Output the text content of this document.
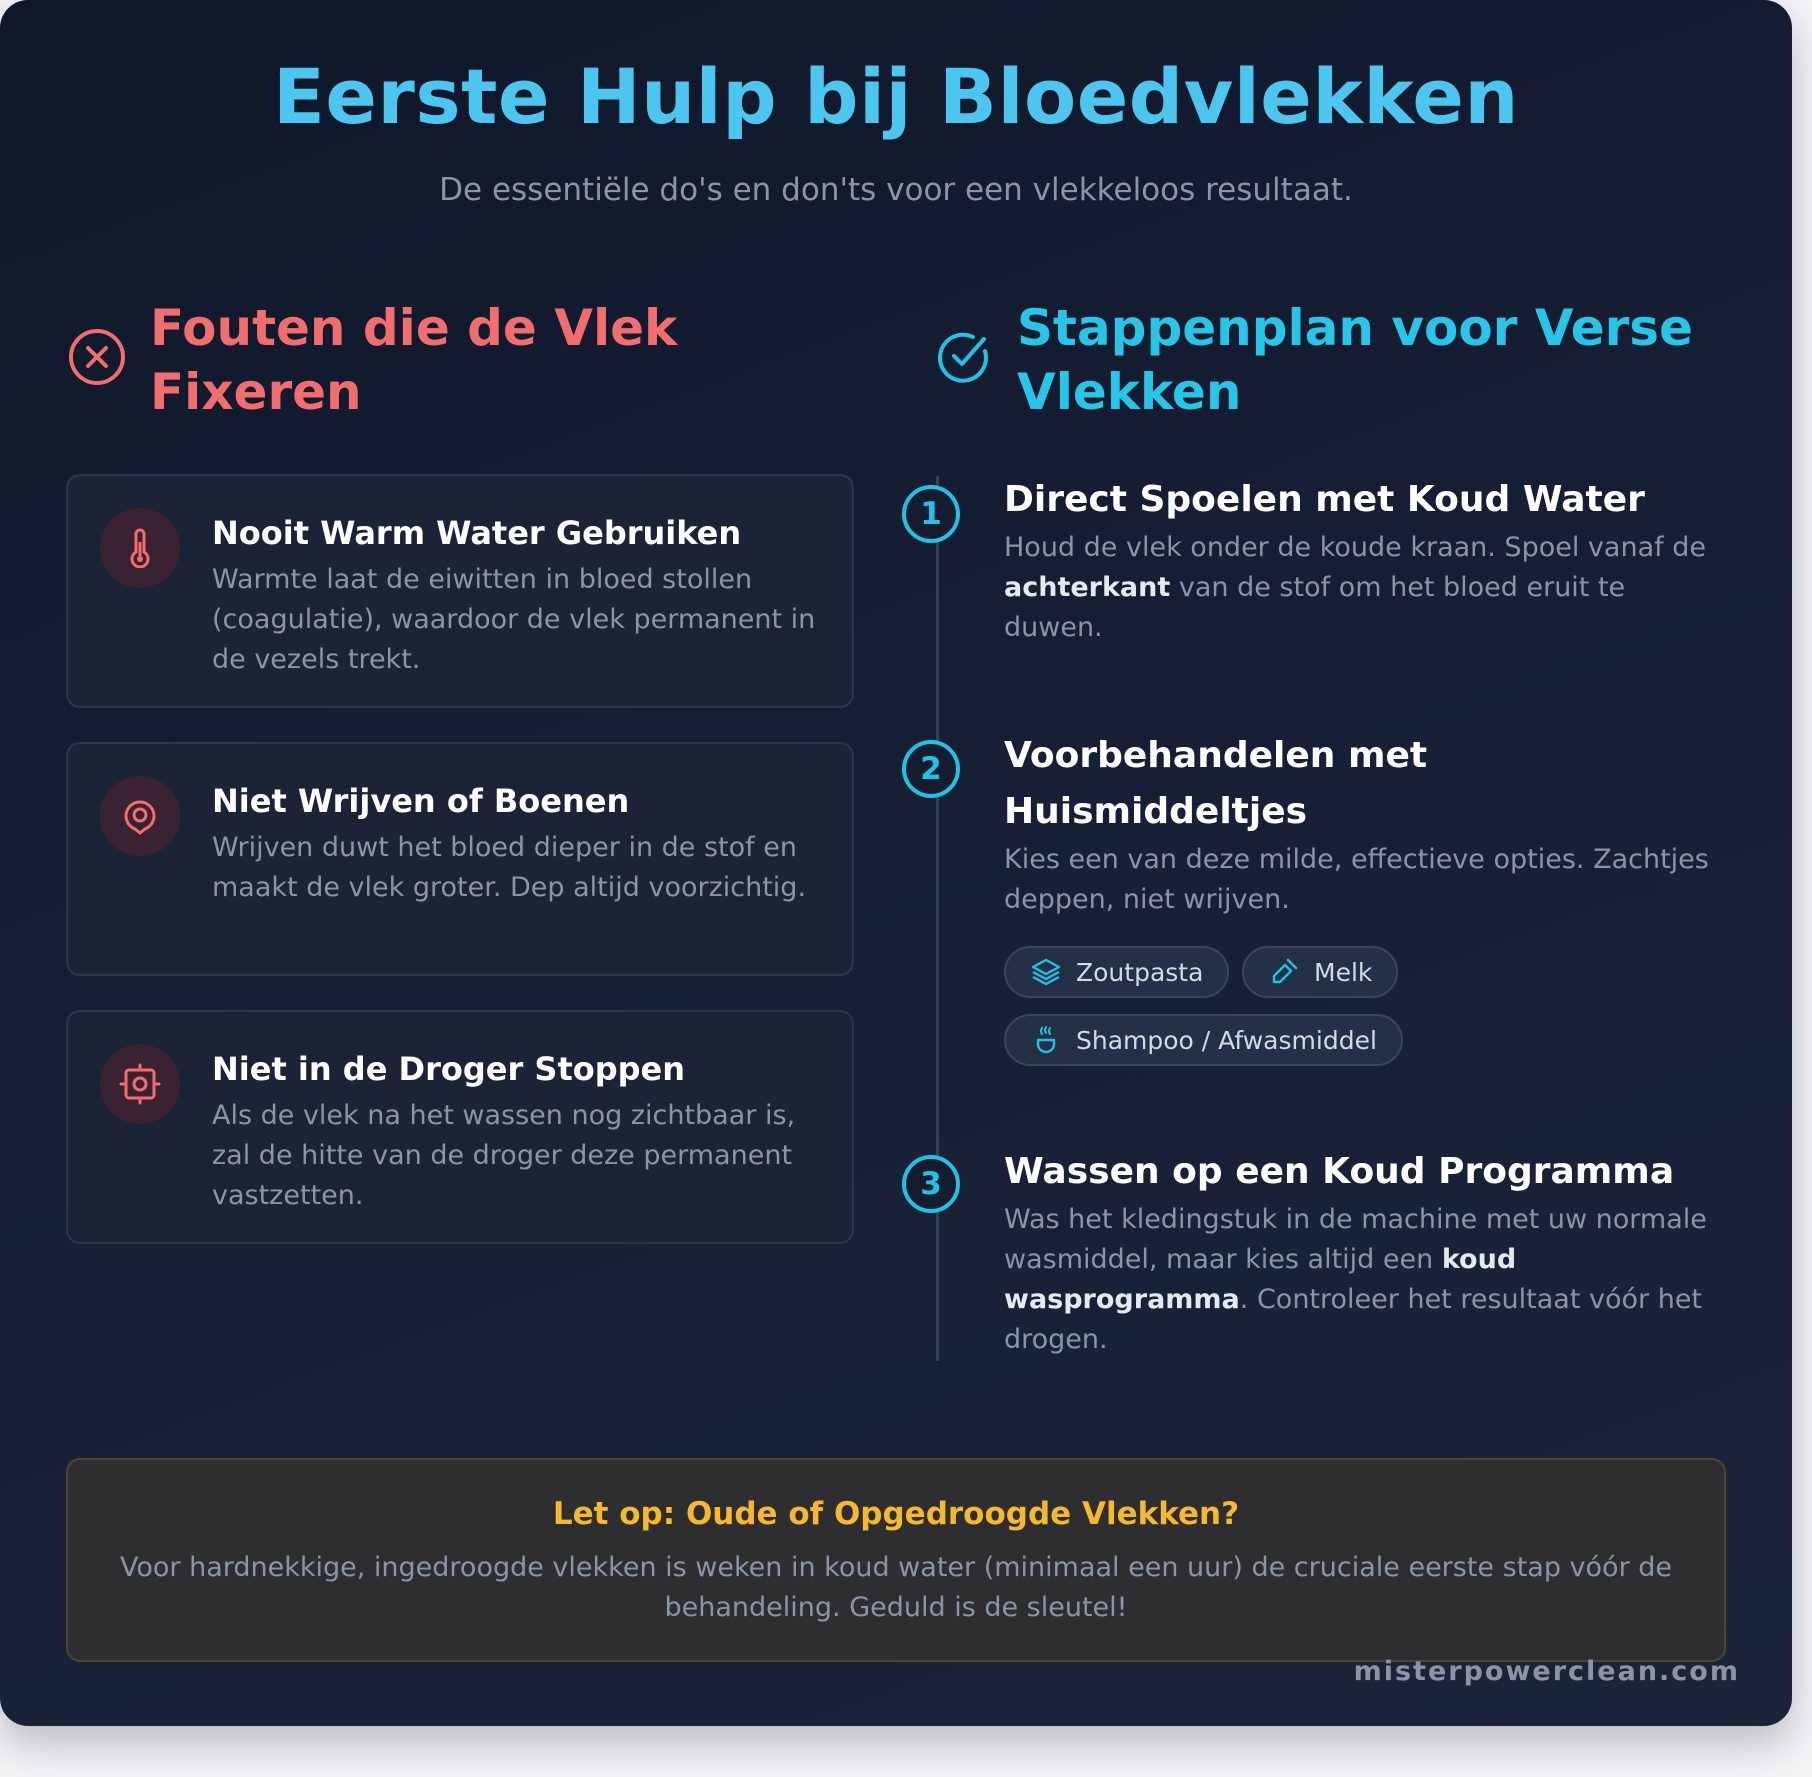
Eerste Hulp bij Bloedvlekken

De essentiële do's en don'ts voor een vlekkeloos resultaat.

Fouten die de Vlek Fixeren
Stappenplan voor Verse Vlekken
Nooit Warm Water Gebruiken
Warmte laat de eiwitten in bloed stollen (coagulatie), waardoor de vlek permanent in de vezels trekt.
Niet Wrijven of Boenen
Wrijven duwt het bloed dieper in de stof en maakt de vlek groter. Dep altijd voorzichtig.
Niet in de Droger Stoppen
Als de vlek na het wassen nog zichtbaar is, zal de hitte van de droger deze permanent vastzetten.
1	Direct Spoelen met Koud Water
Houd de vlek onder de koude kraan. Spoel vanaf de achterkant van de stof om het bloed eruit te duwen.
2	Voorbehandelen met Huismiddeltjes
Kies een van deze milde, effectieve opties. Zachtjes deppen, niet wrijven.
Zoutpasta	Melk
Shampoo / Afwasmiddel
3	Wassen op een Koud Programma
Was het kledingstuk in de machine met uw normale wasmiddel, maar kies altijd een koud wasprogramma. Controleer het resultaat vóór het drogen.
Let op: Oude of Opgedroogde Vlekken?
Voor hardnekkige, ingedroogde vlekken is weken in koud water (minimaal een uur) de cruciale eerste stap vóór de behandeling. Geduld is de sleutel!
misterpowerclean.com
